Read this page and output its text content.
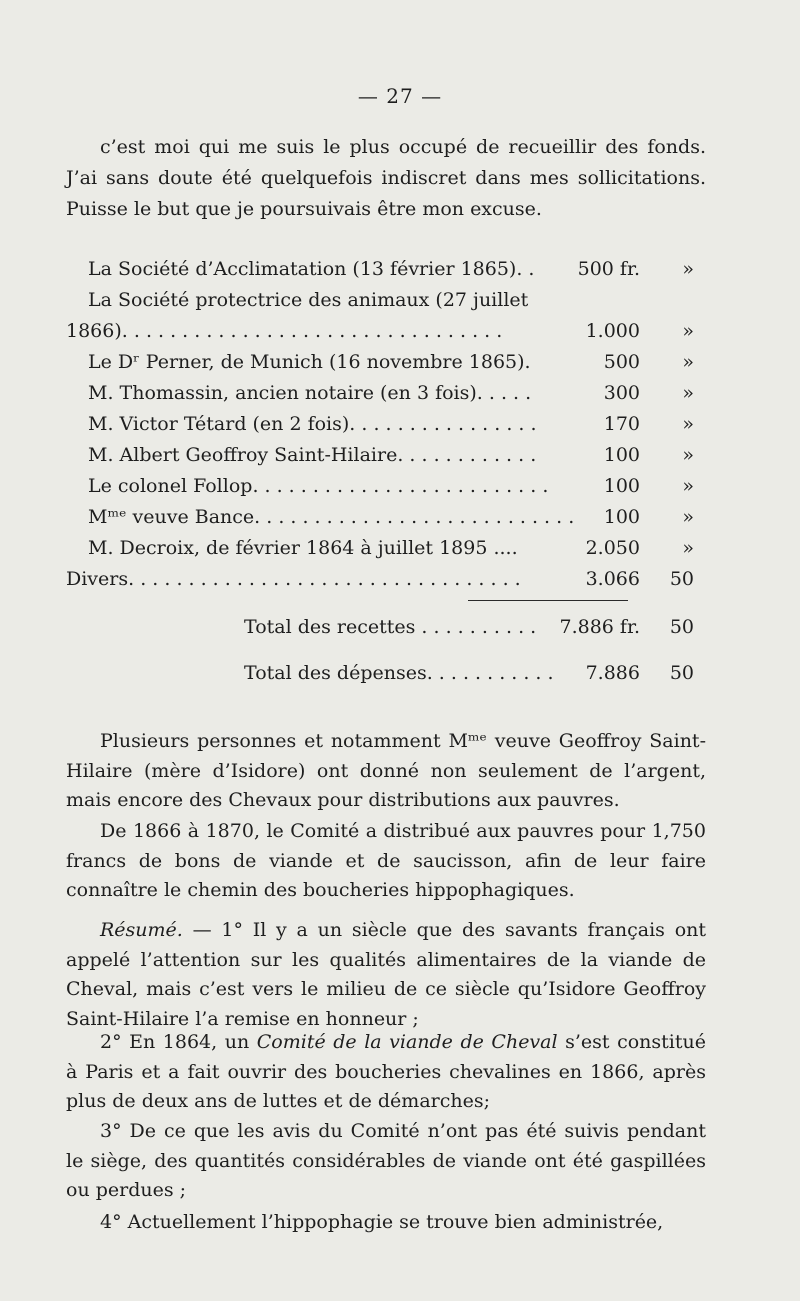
— 27 —

c’est moi qui me suis le plus occupé de recueillir des fonds. J’ai sans doute été quelquefois indiscret dans mes sollicitations. Puisse le but que je poursuivais être mon excuse.

La Société d’Acclimatation (13 février 1865). .	500 fr.	»
La Société protectrice des animaux (27 juillet
1866). . . . . . . . . . . . . . . . . . . . . . . . . . . . . . . .	1.000	»
Le Dʳ Perner, de Munich (16 novembre 1865).	500	»
M. Thomassin, ancien notaire (en 3 fois). . . . .	300	»
M. Victor Tétard (en 2 fois). . . . . . . . . . . . . . . .	170	»
M. Albert Geoffroy Saint-Hilaire. . . . . . . . . . . .	100	»
Le colonel Follop. . . . . . . . . . . . . . . . . . . . . . . . .	100	»
Mᵐᵉ veuve Bance. . . . . . . . . . . . . . . . . . . . . . . . . . .	100	»
M. Decroix, de février 1864 à juillet 1895 ....	2.050	»
Divers. . . . . . . . . . . . . . . . . . . . . . . . . . . . . . . . .	3.066	50
Total des recettes . . . . . . . . . .	7.886 fr.	50
Total des dépenses. . . . . . . . . . .	7.886	50

Plusieurs personnes et notamment Mᵐᵉ veuve Geoffroy Saint-Hilaire (mère d’Isidore) ont donné non seulement de l’argent, mais encore des Chevaux pour distributions aux pauvres.

De 1866 à 1870, le Comité a distribué aux pauvres pour 1,750 francs de bons de viande et de saucisson, afin de leur faire connaître le chemin des boucheries hippophagiques.

Résumé. — 1° Il y a un siècle que des savants français ont appelé l’attention sur les qualités alimentaires de la viande de Cheval, mais c’est vers le milieu de ce siècle qu’Isidore Geoffroy Saint-Hilaire l’a remise en honneur ;

2° En 1864, un Comité de la viande de Cheval s’est constitué à Paris et a fait ouvrir des boucheries chevalines en 1866, après plus de deux ans de luttes et de démarches;

3° De ce que les avis du Comité n’ont pas été suivis pendant le siège, des quantités considérables de viande ont été gaspillées ou perdues ;

4° Actuellement l’hippophagie se trouve bien administrée,
